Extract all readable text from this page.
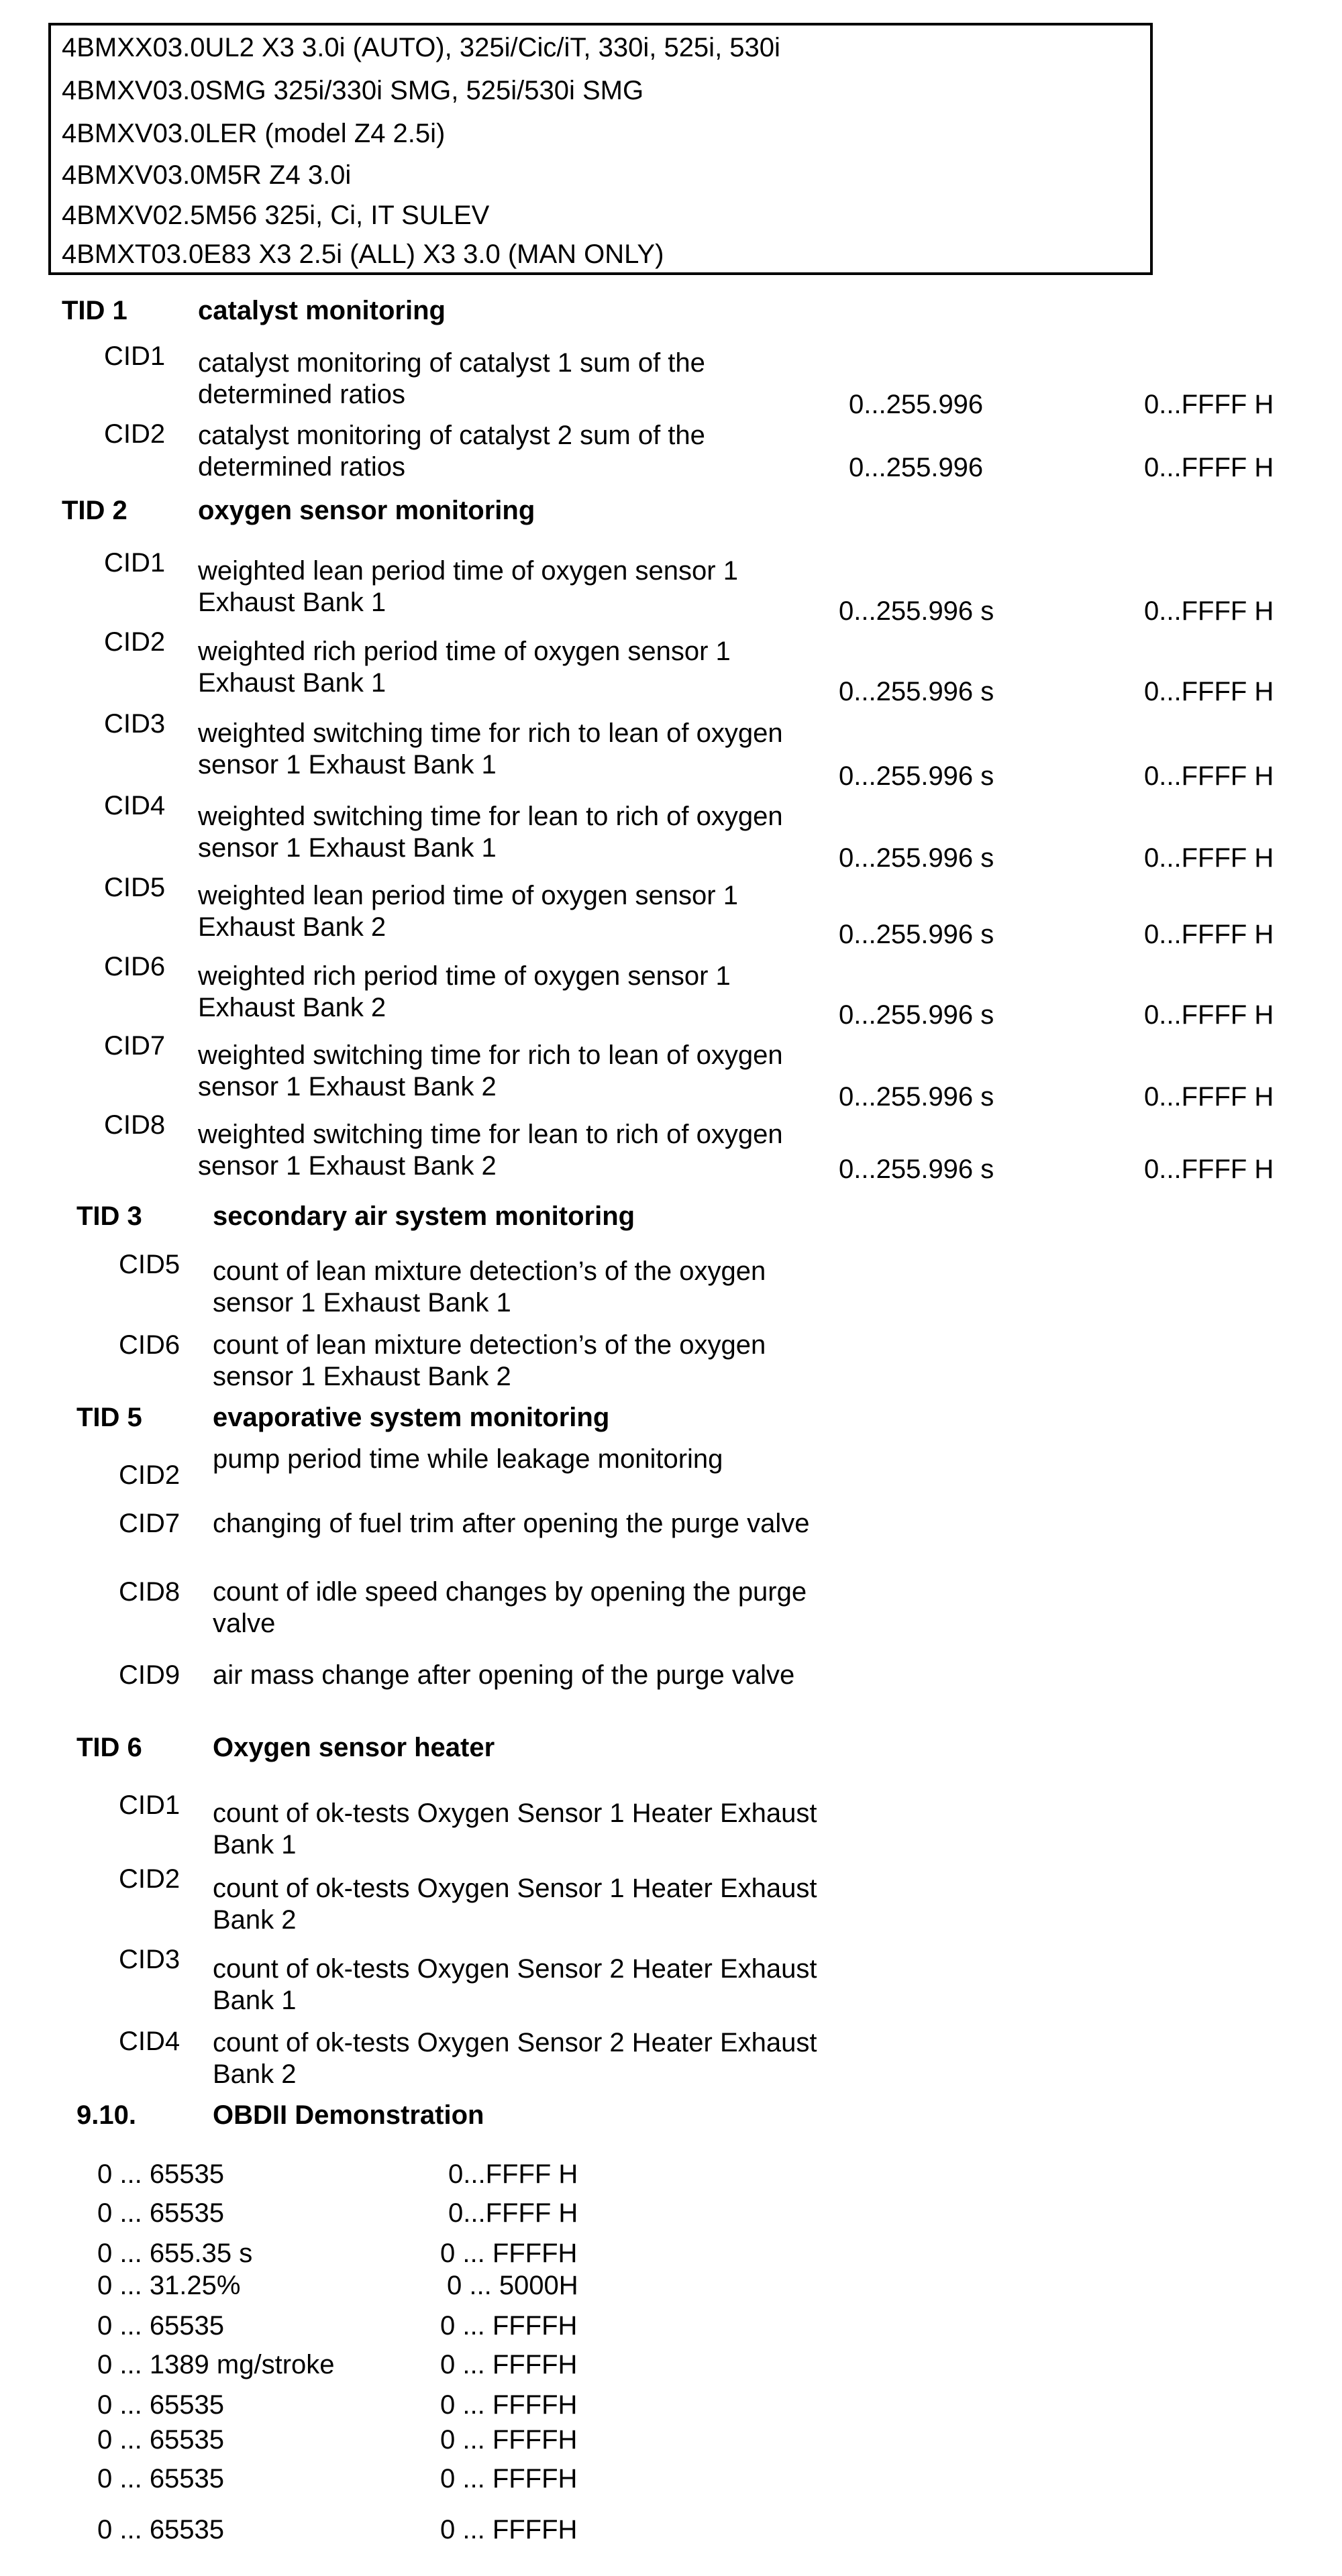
4BMXX03.0UL2 X3 3.0i (AUTO), 325i/Cic/iT, 330i, 525i, 530i
4BMXV03.0SMG 325i/330i SMG, 525i/530i SMG
4BMXV03.0LER (model Z4 2.5i)
4BMXV03.0M5R Z4 3.0i
4BMXV02.5M56 325i, Ci, IT SULEV
4BMXT03.0E83 X3 2.5i (ALL) X3 3.0 (MAN ONLY)
TID 1	catalyst monitoring
CID1 catalyst monitoring of catalyst 1 sum of the determined ratios	0...255.996	0...FFFF H
CID2 catalyst monitoring of catalyst 2 sum of the determined ratios	0...255.996	0...FFFF H
TID 2	oxygen sensor monitoring
CID1 weighted lean period time of oxygen sensor 1 Exhaust Bank 1	0...255.996 s	0...FFFF H
CID2 weighted rich period time of oxygen sensor 1 Exhaust Bank 1	0...255.996 s	0...FFFF H
CID3 weighted switching time for rich to lean of oxygen sensor 1 Exhaust Bank 1	0...255.996 s	0...FFFF H
CID4 weighted switching time for lean to rich of oxygen sensor 1 Exhaust Bank 1	0...255.996 s	0...FFFF H
CID5 weighted lean period time of oxygen sensor 1 Exhaust Bank 2	0...255.996 s	0...FFFF H
CID6 weighted rich period time of oxygen sensor 1 Exhaust Bank 2	0...255.996 s	0...FFFF H
CID7 weighted switching time for rich to lean of oxygen sensor 1 Exhaust Bank 2	0...255.996 s	0...FFFF H
CID8 weighted switching time for lean to rich of oxygen sensor 1 Exhaust Bank 2	0...255.996 s	0...FFFF H
TID 3	secondary air system monitoring
CID5 count of lean mixture detection’s of the oxygen sensor 1 Exhaust Bank 1
CID6 count of lean mixture detection’s of the oxygen sensor 1 Exhaust Bank 2
TID 5	evaporative system monitoring
CID2
pump period time while leakage monitoring
CID7 changing of fuel trim after opening the purge valve
CID8 count of idle speed changes by opening the purge valve
CID9 air mass change after opening of the purge valve
TID 6	Oxygen sensor heater
CID1 count of ok-tests Oxygen Sensor 1 Heater Exhaust Bank 1
CID2 count of ok-tests Oxygen Sensor 1 Heater Exhaust Bank 2
CID3 count of ok-tests Oxygen Sensor 2 Heater Exhaust Bank 1
CID4 count of ok-tests Oxygen Sensor 2 Heater Exhaust Bank 2
9.10.	OBDII Demonstration
0 ... 65535	0...FFFF H
0 ... 65535	0...FFFF H
0 ... 655.35 s	0 ... FFFFH
0 ... 31.25%	0 ... 5000H
0 ... 65535	0 ... FFFFH
0 ... 1389 mg/stroke	0 ... FFFFH
0 ... 65535	0 ... FFFFH
0 ... 65535	0 ... FFFFH
0 ... 65535	0 ... FFFFH
0 ... 65535	0 ... FFFFH
